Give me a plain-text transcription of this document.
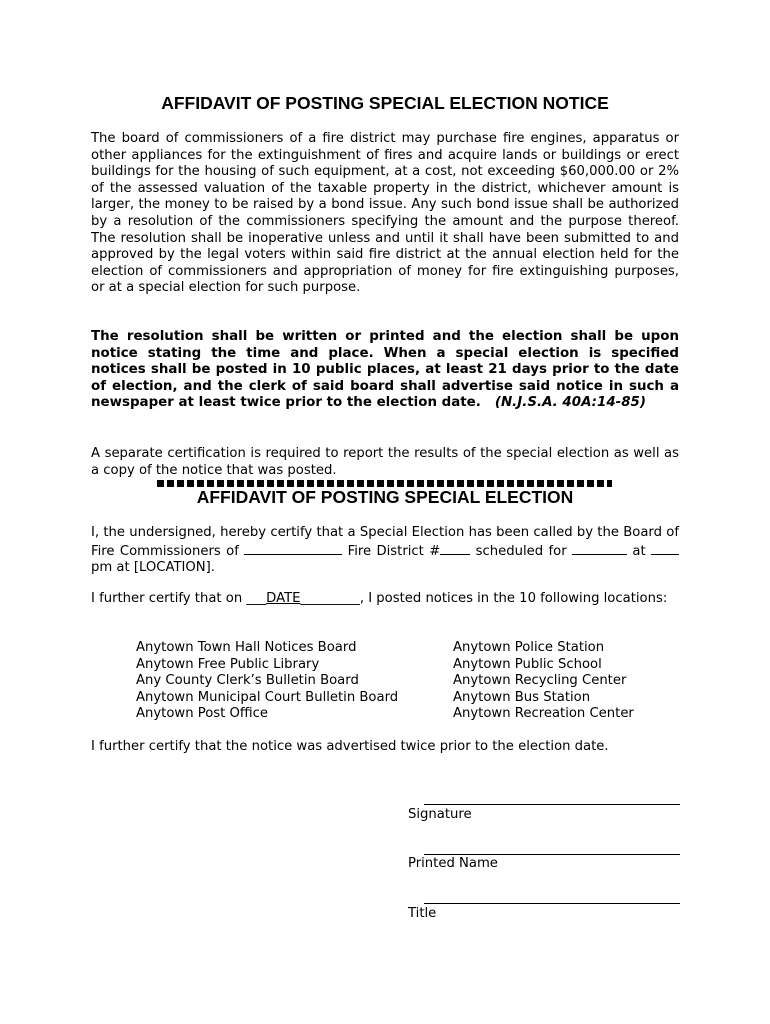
AFFIDAVIT OF POSTING SPECIAL ELECTION NOTICE

The board of commissioners of a fire district may purchase fire engines, apparatus or other appliances for the extinguishment of fires and acquire lands or buildings or erect buildings for the housing of such equipment, at a cost, not exceeding $60,000.00 or 2% of the assessed valuation of the taxable property in the district, whichever amount is larger, the money to be raised by a bond issue. Any such bond issue shall be authorized by a resolution of the commissioners specifying the amount and the purpose thereof. The resolution shall be inoperative unless and until it shall have been submitted to and approved by the legal voters within said fire district at the annual election held for the election of commissioners and appropriation of money for fire extinguishing purposes, or at a special election for such purpose.

The resolution shall be written or printed and the election shall be upon notice stating the time and place. When a special election is specified notices shall be posted in 10 public places, at least 21 days prior to the date of election, and the clerk of said board shall advertise said notice in such a newspaper at least twice prior to the election date. (N.J.S.A. 40A:14-85)

A separate certification is required to report the results of the special election as well as a copy of the notice that was posted.

AFFIDAVIT OF POSTING SPECIAL ELECTION

I, the undersigned, hereby certify that a Special Election has been called by the Board of Fire Commissioners of	Fire District #	scheduled for	at  pm at [LOCATION].

I further certify that on ___DATE_________, I posted notices in the 10 following locations:

Anytown Town Hall Notices Board
Anytown Free Public Library
Any County Clerk’s Bulletin Board
Anytown Municipal Court Bulletin Board
Anytown Post Office
Anytown Police Station
Anytown Public School
Anytown Recycling Center
Anytown Bus Station
Anytown Recreation Center

I further certify that the notice was advertised twice prior to the election date.

Signature
Printed Name
Title
